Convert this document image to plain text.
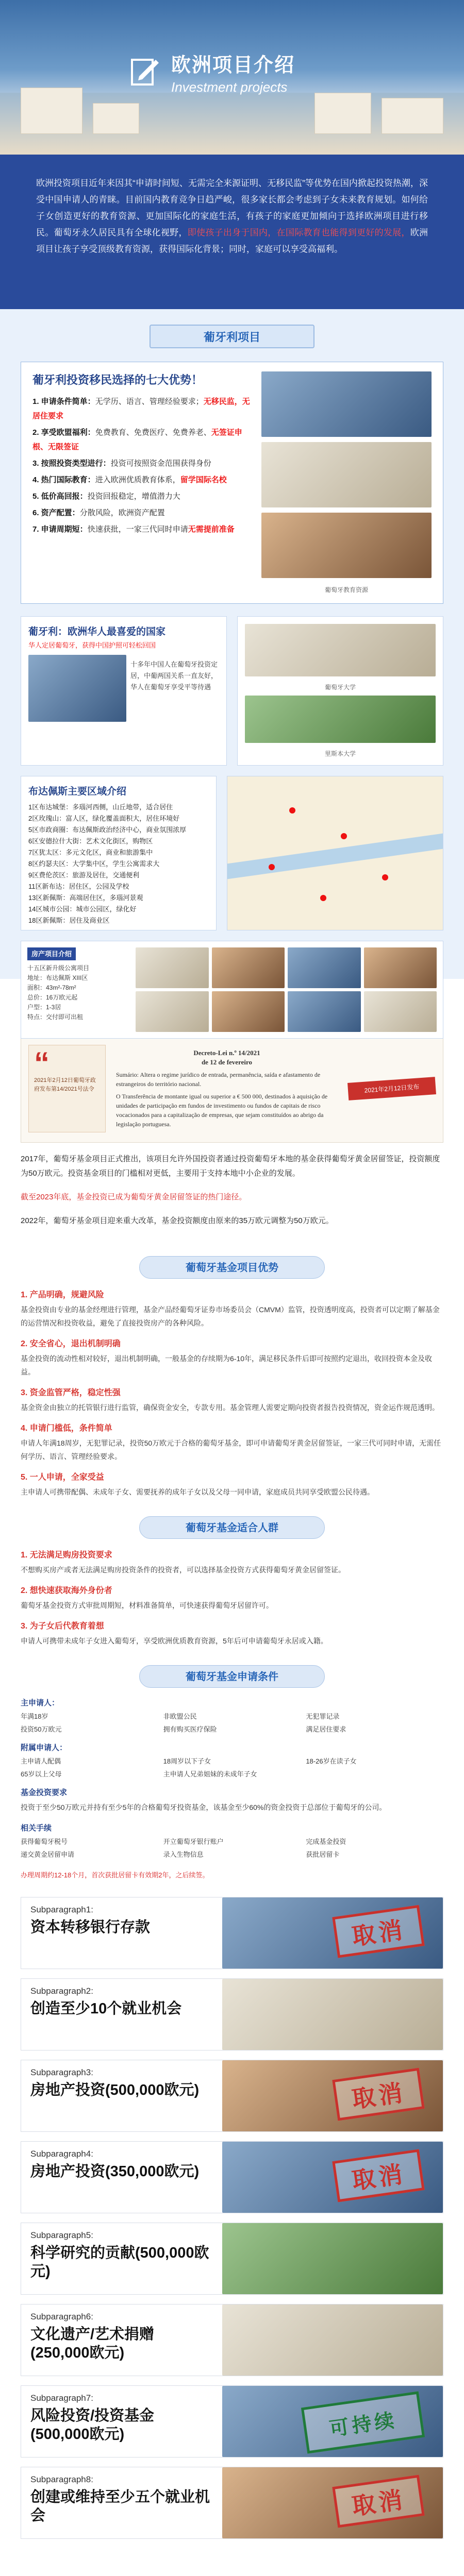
欧洲项目介绍
Investment projects

欧洲投资项目近年来因其“申请时间短、无需完全来源证明、无移民监”等优势在国内掀起投资热潮，深受中国申请人的青睐。目前国内教育竞争日趋严峻，很多家长都会考虑到子女未来教育规划。如何给子女创造更好的教育资源、更加国际化的家庭生活，有孩子的家庭更加倾向于选择欧洲项目进行移民。葡萄牙永久居民具有全球化视野，即使孩子出身于国内，在国际教育也能得到更好的发展，欧洲项目让孩子享受顶级教育资源，获得国际化背景；同时，家庭可以享受高福利。

葡牙利项目
葡牙利投资移民选择的七大优势！
1. 申请条件简单：无学历、语言、管理经验要求；无移民监，无居住要求
2. 享受欧盟福利：免费教育、免费医疗、免费养老、无签证申根、无限签证
3. 按照投资类型进行：投资可按照资金范围获得身份
4. 热门国际教育：进入欧洲优质教育体系，留学国际名校
5. 低价高回报：投资回报稳定，增值潜力大
6. 资产配置：分散风险，欧洲资产配置
7. 申请周期短：快速获批，一家三代同时申请无需提前准备
葡萄牙教育资源
葡牙利：欧洲华人最喜爱的国家
华人定居葡萄牙，获得中国护照可轻松回国
十多年中国人在葡萄牙投资定居，中葡两国关系一直友好，华人在葡萄牙享受平等待遇	葡萄牙大学
里斯本大学
布达佩斯主要区域介绍
1区布达城堡：多瑙河西侧，山丘地带，适合居住
2区玫瑰山：富人区，绿化覆盖面积大，居住环境好
5区市政商圈：布达佩斯政治经济中心，商业氛围浓厚
6区安德拉什大街：艺术文化街区，购物区
7区犹太区：多元文化区，商业和旅游集中
8区约瑟夫区：大学集中区，学生公寓需求大
9区费伦茨区：旅游及居住，交通便利
11区新布达：居住区，公园及学校
13区新佩斯：高端居住区，多瑙河景观
14区城市公园：城市公园区，绿化好
18区新佩斯：居住及商业区
房产项目介绍
十五区新升级公寓项目
地址：布达佩斯 XIII区
面积：43m²-78m²
总价：16万欧元起
户型：1-3居
特点：交付即可出租
“
2021年2月12日葡萄牙政府发布第14/2021号法令
Decreto-Lei n.º 14/2021
de 12 de fevereiro
Sumário: Altera o regime jurídico de entrada, permanência, saída e afastamento de estrangeiros do território nacional.
O Transferência de montante igual ou superior a € 500 000, destinados à aquisição de unidades de participação em fundos de investimento ou fundos de capitais de risco vocacionados para a capitalização de empresas, que sejam constituídos ao abrigo da legislação portuguesa.
2021年2月12日发布

2017年，葡萄牙基金项目正式推出，该项目允许外国投资者通过投资葡萄牙本地的基金获得葡萄牙黄金居留签证，投资额度为50万欧元。投资基金项目的门槛相对更低，主要用于支持本地中小企业的发展。

截至2023年底，基金投资已成为葡萄牙黄金居留签证的热门途径。

2022年，葡萄牙基金项目迎来重大改革，基金投资额度由原来的35万欧元调整为50万欧元。

葡萄牙基金项目优势
1. 产品明确，规避风险
基金投资由专业的基金经理进行管理，基金产品经葡萄牙证券市场委员会（CMVM）监管，投资透明度高，投资者可以定期了解基金的运营情况和投资收益，避免了直接投资房产的各种风险。
2. 安全省心，退出机制明确
基金投资的流动性相对较好，退出机制明确，一般基金的存续期为6-10年，满足移民条件后即可按照约定退出，收回投资本金及收益。
3. 资金监管严格，稳定性强
基金资金由独立的托管银行进行监管，确保资金安全，专款专用。基金管理人需要定期向投资者报告投资情况，资金运作规范透明。
4. 申请门槛低，条件简单
申请人年满18周岁，无犯罪记录，投资50万欧元于合格的葡萄牙基金，即可申请葡萄牙黄金居留签证，一家三代可同时申请，无需任何学历、语言、管理经验要求。
5. 一人申请，全家受益
主申请人可携带配偶、未成年子女、需要抚养的成年子女以及父母一同申请，家庭成员共同享受欧盟公民待遇。
葡萄牙基金适合人群
1. 无法满足购房投资要求
不想购买房产或者无法满足购房投资条件的投资者，可以选择基金投资方式获得葡萄牙黄金居留签证。
2. 想快速获取海外身份者
葡萄牙基金投资方式审批周期短，材料准备简单，可快速获得葡萄牙居留许可。
3. 为子女后代教育着想
申请人可携带未成年子女进入葡萄牙，享受欧洲优质教育资源，5年后可申请葡萄牙永居或入籍。
葡萄牙基金申请条件
主申请人：
年满18岁	非欧盟公民	无犯罪记录
投资50万欧元	拥有购买医疗保险	满足居住要求
附属申请人：
主申请人配偶	18周岁以下子女	18-26岁在读子女
65岁以上父母	主申请人兄弟姐妹的未成年子女
基金投资要求
投资于至少50万欧元并持有至少5年的合格葡萄牙投资基金，该基金至少60%的资金投资于总部位于葡萄牙的公司。
相关手续
获得葡萄牙税号	开立葡萄牙银行账户	完成基金投资
递交黄金居留申请	录入生物信息	获批居留卡

办理周期约12-18个月，首次获批居留卡有效期2年，之后续签。

Subparagraph1:
资本转移银行存款	取消
Subparagraph2:
创造至少10个就业机会
Subparagraph3:
房地产投资(500,000欧元)	取消
Subparagraph4:
房地产投资(350,000欧元)	取消
Subparagraph5:
科学研究的贡献(500,000欧元)
Subparagraph6:
文化遗产/艺术捐赠(250,000欧元)
Subparagraph7:
风险投资/投资基金(500,000欧元)	可持续
Subparagraph8:
创建或维持至少五个就业机会	取消
